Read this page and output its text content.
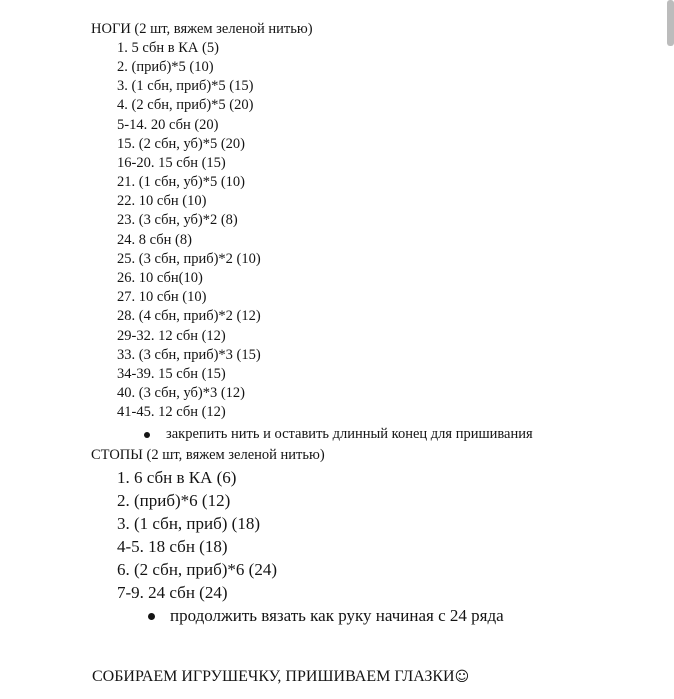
НОГИ (2 шт, вяжем зеленой нитью)
1. 5 сбн в КА (5)
2. (приб)*5 (10)
3. (1 сбн, приб)*5 (15)
4. (2 сбн, приб)*5 (20)
5-14. 20 сбн (20)
15. (2 сбн, уб)*5 (20)
16-20. 15 сбн (15)
21. (1 сбн, уб)*5 (10)
22. 10 сбн (10)
23. (3 сбн, уб)*2 (8)
24. 8 сбн (8)
25. (3 сбн, приб)*2 (10)
26. 10 сбн(10)
27. 10 сбн (10)
28. (4 сбн, приб)*2 (12)
29-32. 12 сбн (12)
33. (3 сбн, приб)*3 (15)
34-39. 15 сбн (15)
40. (3 сбн, уб)*3 (12)
41-45. 12 сбн (12)
закрепить нить и оставить длинный конец для пришивания
СТОПЫ (2 шт, вяжем зеленой нитью)
1. 6 сбн в КА (6)
2. (приб)*6 (12)
3. (1 сбн, приб) (18)
4-5. 18 сбн (18)
6. (2 сбн, приб)*6 (24)
7-9. 24 сбн (24)
продолжить вязать как руку начиная с 24 ряда
СОБИРАЕМ ИГРУШЕЧКУ, ПРИШИВАЕМ ГЛАЗКИ☺
